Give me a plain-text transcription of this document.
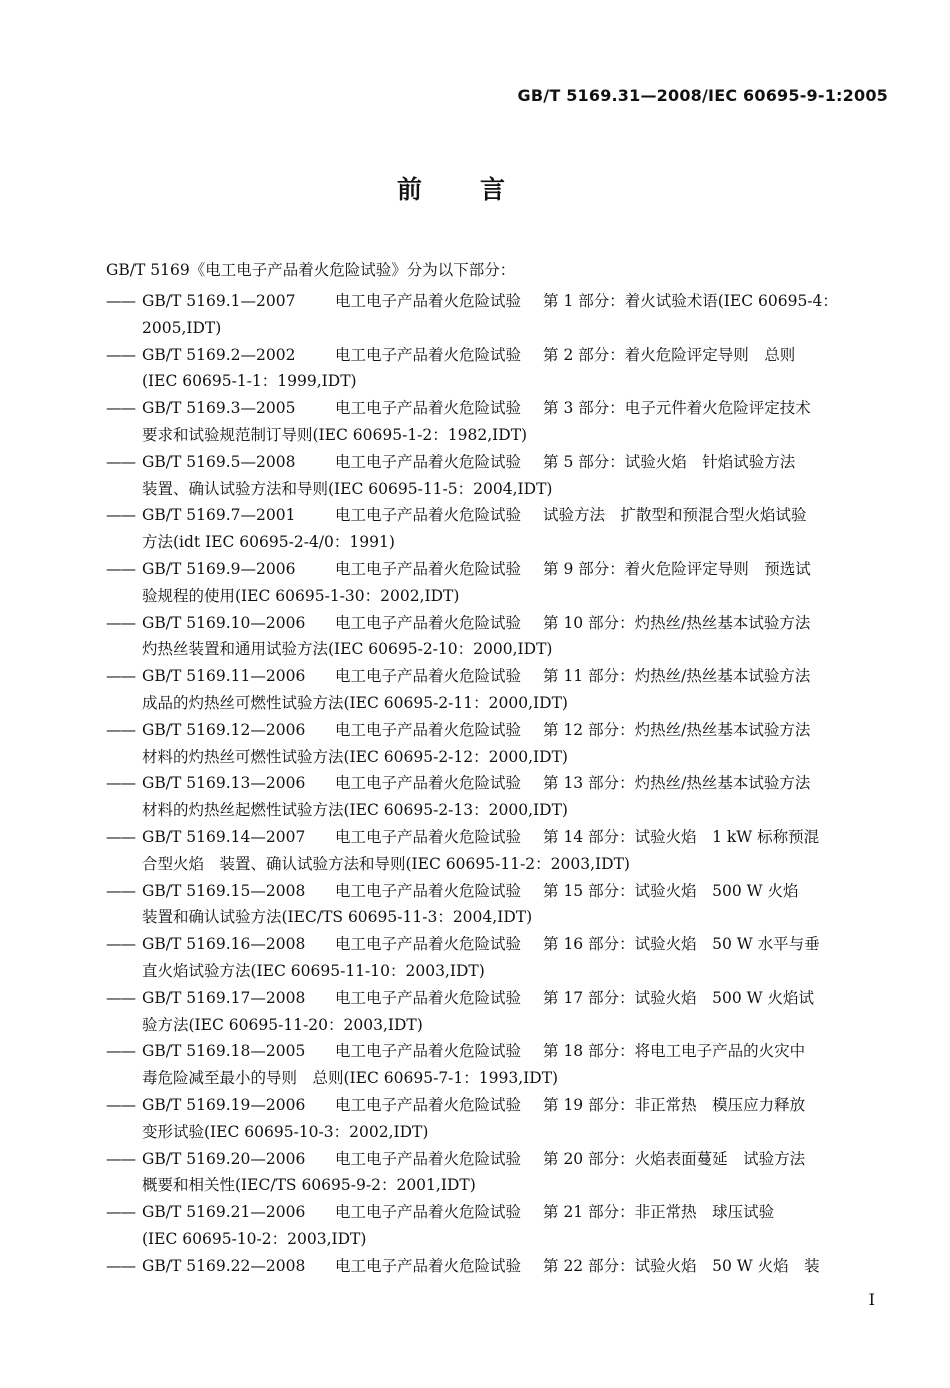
GB/T 5169.31—2008/IEC 60695-9-1:2005
前言
GB/T 5169《电工电子产品着火危险试验》分为以下部分：
—— GB/T 5169.1—2007	电工电子产品着火危险试验 第 1 部分：着火试验术语(IEC 60695-4：
2005,IDT)
—— GB/T 5169.2—2002	电工电子产品着火危险试验 第 2 部分：着火危险评定导则　总则
(IEC 60695-1-1：1999,IDT)
—— GB/T 5169.3—2005	电工电子产品着火危险试验 第 3 部分：电子元件着火危险评定技术
要求和试验规范制订导则(IEC 60695-1-2：1982,IDT)
—— GB/T 5169.5—2008	电工电子产品着火危险试验 第 5 部分：试验火焰　针焰试验方法
装置、确认试验方法和导则(IEC 60695-11-5：2004,IDT)
—— GB/T 5169.7—2001	电工电子产品着火危险试验 试验方法　扩散型和预混合型火焰试验
方法(idt IEC 60695-2-4/0：1991)
—— GB/T 5169.9—2006	电工电子产品着火危险试验 第 9 部分：着火危险评定导则　预选试
验规程的使用(IEC 60695-1-30：2002,IDT)
—— GB/T 5169.10—2006	电工电子产品着火危险试验 第 10 部分：灼热丝/热丝基本试验方法
灼热丝装置和通用试验方法(IEC 60695-2-10：2000,IDT)
—— GB/T 5169.11—2006	电工电子产品着火危险试验 第 11 部分：灼热丝/热丝基本试验方法
成品的灼热丝可燃性试验方法(IEC 60695-2-11：2000,IDT)
—— GB/T 5169.12—2006	电工电子产品着火危险试验 第 12 部分：灼热丝/热丝基本试验方法
材料的灼热丝可燃性试验方法(IEC 60695-2-12：2000,IDT)
—— GB/T 5169.13—2006	电工电子产品着火危险试验 第 13 部分：灼热丝/热丝基本试验方法
材料的灼热丝起燃性试验方法(IEC 60695-2-13：2000,IDT)
—— GB/T 5169.14—2007	电工电子产品着火危险试验 第 14 部分：试验火焰　1 kW 标称预混
合型火焰　装置、确认试验方法和导则(IEC 60695-11-2：2003,IDT)
—— GB/T 5169.15—2008	电工电子产品着火危险试验 第 15 部分：试验火焰　500 W 火焰
装置和确认试验方法(IEC/TS 60695-11-3：2004,IDT)
—— GB/T 5169.16—2008	电工电子产品着火危险试验 第 16 部分：试验火焰　50 W 水平与垂
直火焰试验方法(IEC 60695-11-10：2003,IDT)
—— GB/T 5169.17—2008	电工电子产品着火危险试验 第 17 部分：试验火焰　500 W 火焰试
验方法(IEC 60695-11-20：2003,IDT)
—— GB/T 5169.18—2005	电工电子产品着火危险试验 第 18 部分：将电工电子产品的火灾中
毒危险减至最小的导则　总则(IEC 60695-7-1：1993,IDT)
—— GB/T 5169.19—2006	电工电子产品着火危险试验 第 19 部分：非正常热　模压应力释放
变形试验(IEC 60695-10-3：2002,IDT)
—— GB/T 5169.20—2006	电工电子产品着火危险试验 第 20 部分：火焰表面蔓延　试验方法
概要和相关性(IEC/TS 60695-9-2：2001,IDT)
—— GB/T 5169.21—2006	电工电子产品着火危险试验 第 21 部分：非正常热　球压试验
(IEC 60695-10-2：2003,IDT)
—— GB/T 5169.22—2008	电工电子产品着火危险试验 第 22 部分：试验火焰　50 W 火焰　装
I
